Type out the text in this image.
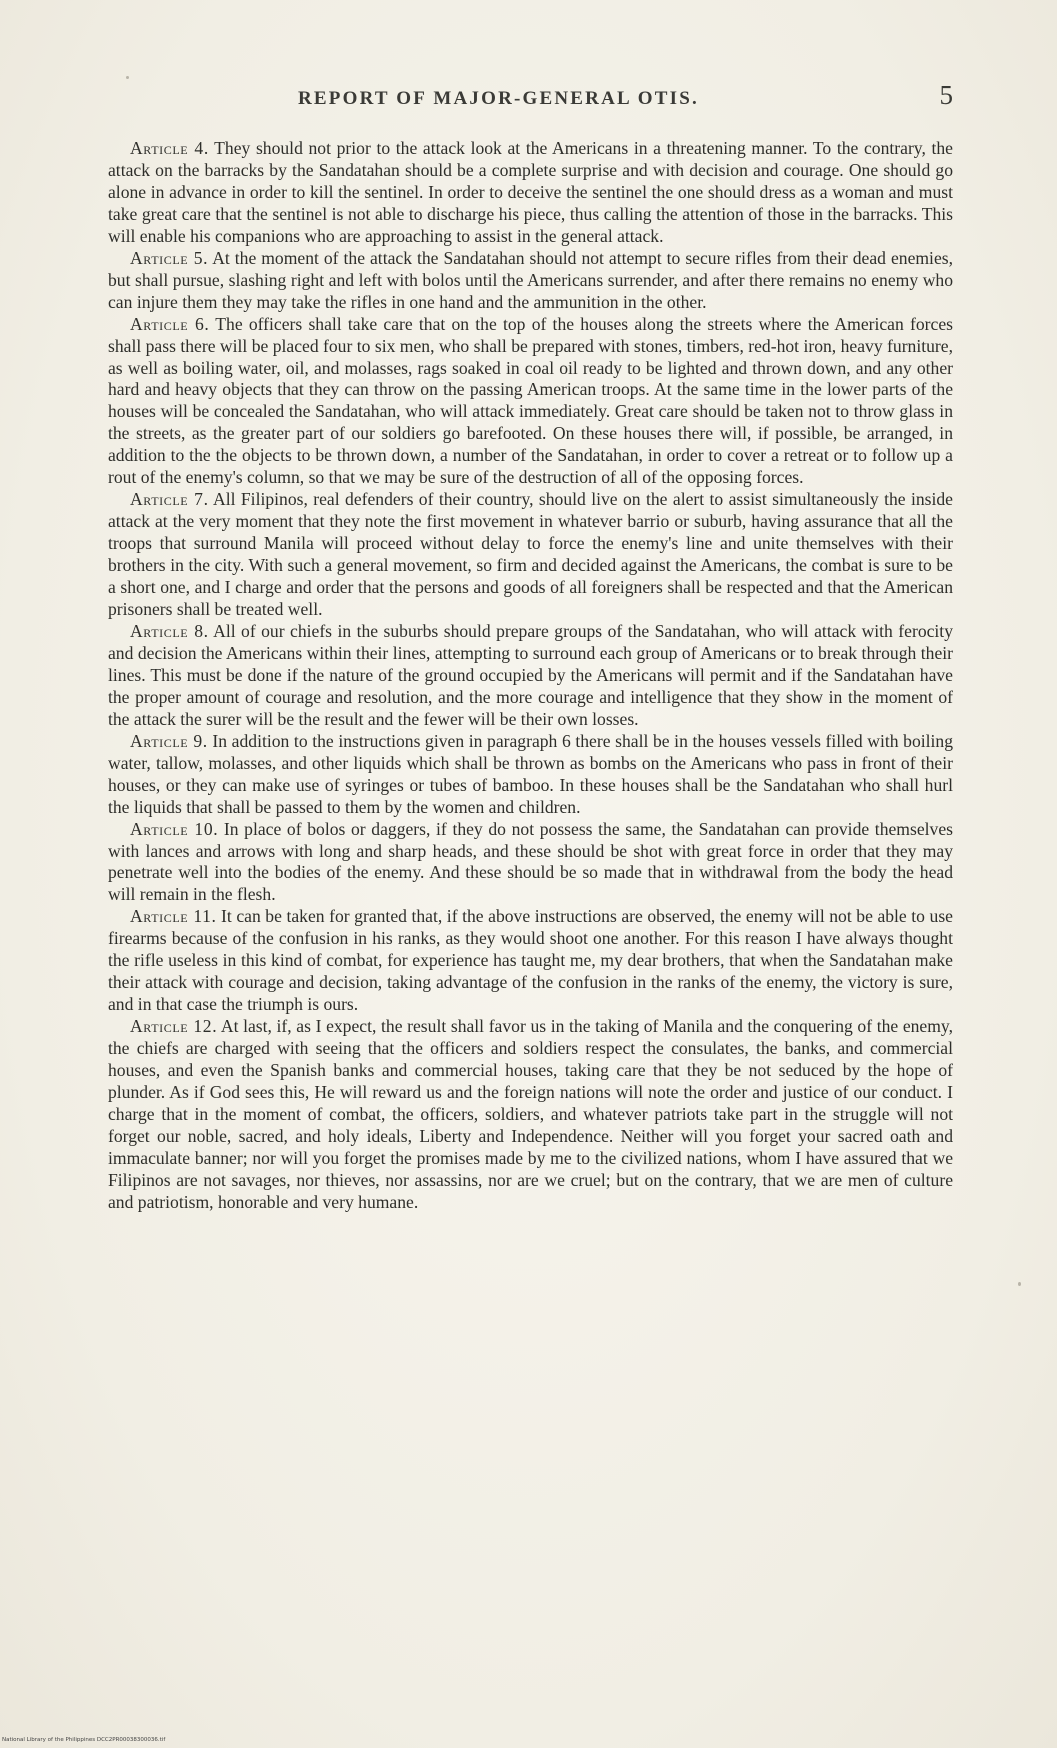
REPORT OF MAJOR-GENERAL OTIS.	5

Article 4. They should not prior to the attack look at the Americans in a threatening manner. To the contrary, the attack on the barracks by the Sandatahan should be a complete surprise and with decision and courage. One should go alone in advance in order to kill the sentinel. In order to deceive the sentinel the one should dress as a woman and must take great care that the sentinel is not able to discharge his piece, thus calling the attention of those in the barracks. This will enable his companions who are approaching to assist in the general attack.

Article 5. At the moment of the attack the Sandatahan should not attempt to secure rifles from their dead enemies, but shall pursue, slashing right and left with bolos until the Americans surrender, and after there remains no enemy who can injure them they may take the rifles in one hand and the ammunition in the other.

Article 6. The officers shall take care that on the top of the houses along the streets where the American forces shall pass there will be placed four to six men, who shall be prepared with stones, timbers, red-hot iron, heavy furniture, as well as boiling water, oil, and molasses, rags soaked in coal oil ready to be lighted and thrown down, and any other hard and heavy objects that they can throw on the passing American troops. At the same time in the lower parts of the houses will be concealed the Sandatahan, who will attack immediately. Great care should be taken not to throw glass in the streets, as the greater part of our soldiers go barefooted. On these houses there will, if possible, be arranged, in addition to the the objects to be thrown down, a number of the Sandatahan, in order to cover a retreat or to follow up a rout of the enemy's column, so that we may be sure of the destruction of all of the opposing forces.

Article 7. All Filipinos, real defenders of their country, should live on the alert to assist simultaneously the inside attack at the very moment that they note the first movement in whatever barrio or suburb, having assurance that all the troops that surround Manila will proceed without delay to force the enemy's line and unite themselves with their brothers in the city. With such a general movement, so firm and decided against the Americans, the combat is sure to be a short one, and I charge and order that the persons and goods of all foreigners shall be respected and that the American prisoners shall be treated well.

Article 8. All of our chiefs in the suburbs should prepare groups of the Sandatahan, who will attack with ferocity and decision the Americans within their lines, attempting to surround each group of Americans or to break through their lines. This must be done if the nature of the ground occupied by the Americans will permit and if the Sandatahan have the proper amount of courage and resolution, and the more courage and intelligence that they show in the moment of the attack the surer will be the result and the fewer will be their own losses.

Article 9. In addition to the instructions given in paragraph 6 there shall be in the houses vessels filled with boiling water, tallow, molasses, and other liquids which shall be thrown as bombs on the Americans who pass in front of their houses, or they can make use of syringes or tubes of bamboo. In these houses shall be the Sandatahan who shall hurl the liquids that shall be passed to them by the women and children.

Article 10. In place of bolos or daggers, if they do not possess the same, the Sandatahan can provide themselves with lances and arrows with long and sharp heads, and these should be shot with great force in order that they may penetrate well into the bodies of the enemy. And these should be so made that in withdrawal from the body the head will remain in the flesh.

Article 11. It can be taken for granted that, if the above instructions are observed, the enemy will not be able to use firearms because of the confusion in his ranks, as they would shoot one another. For this reason I have always thought the rifle useless in this kind of combat, for experience has taught me, my dear brothers, that when the Sandatahan make their attack with courage and decision, taking advantage of the confusion in the ranks of the enemy, the victory is sure, and in that case the triumph is ours.

Article 12. At last, if, as I expect, the result shall favor us in the taking of Manila and the conquering of the enemy, the chiefs are charged with seeing that the officers and soldiers respect the consulates, the banks, and commercial houses, and even the Spanish banks and commercial houses, taking care that they be not seduced by the hope of plunder. As if God sees this, He will reward us and the foreign nations will note the order and justice of our conduct. I charge that in the moment of combat, the officers, soldiers, and whatever patriots take part in the struggle will not forget our noble, sacred, and holy ideals, Liberty and Independence. Neither will you forget your sacred oath and immaculate banner; nor will you forget the promises made by me to the civilized nations, whom I have assured that we Filipinos are not savages, nor thieves, nor assassins, nor are we cruel; but on the contrary, that we are men of culture and patriotism, honorable and very humane.

National Library of the Philippines DCC2PR00038300036.tif
